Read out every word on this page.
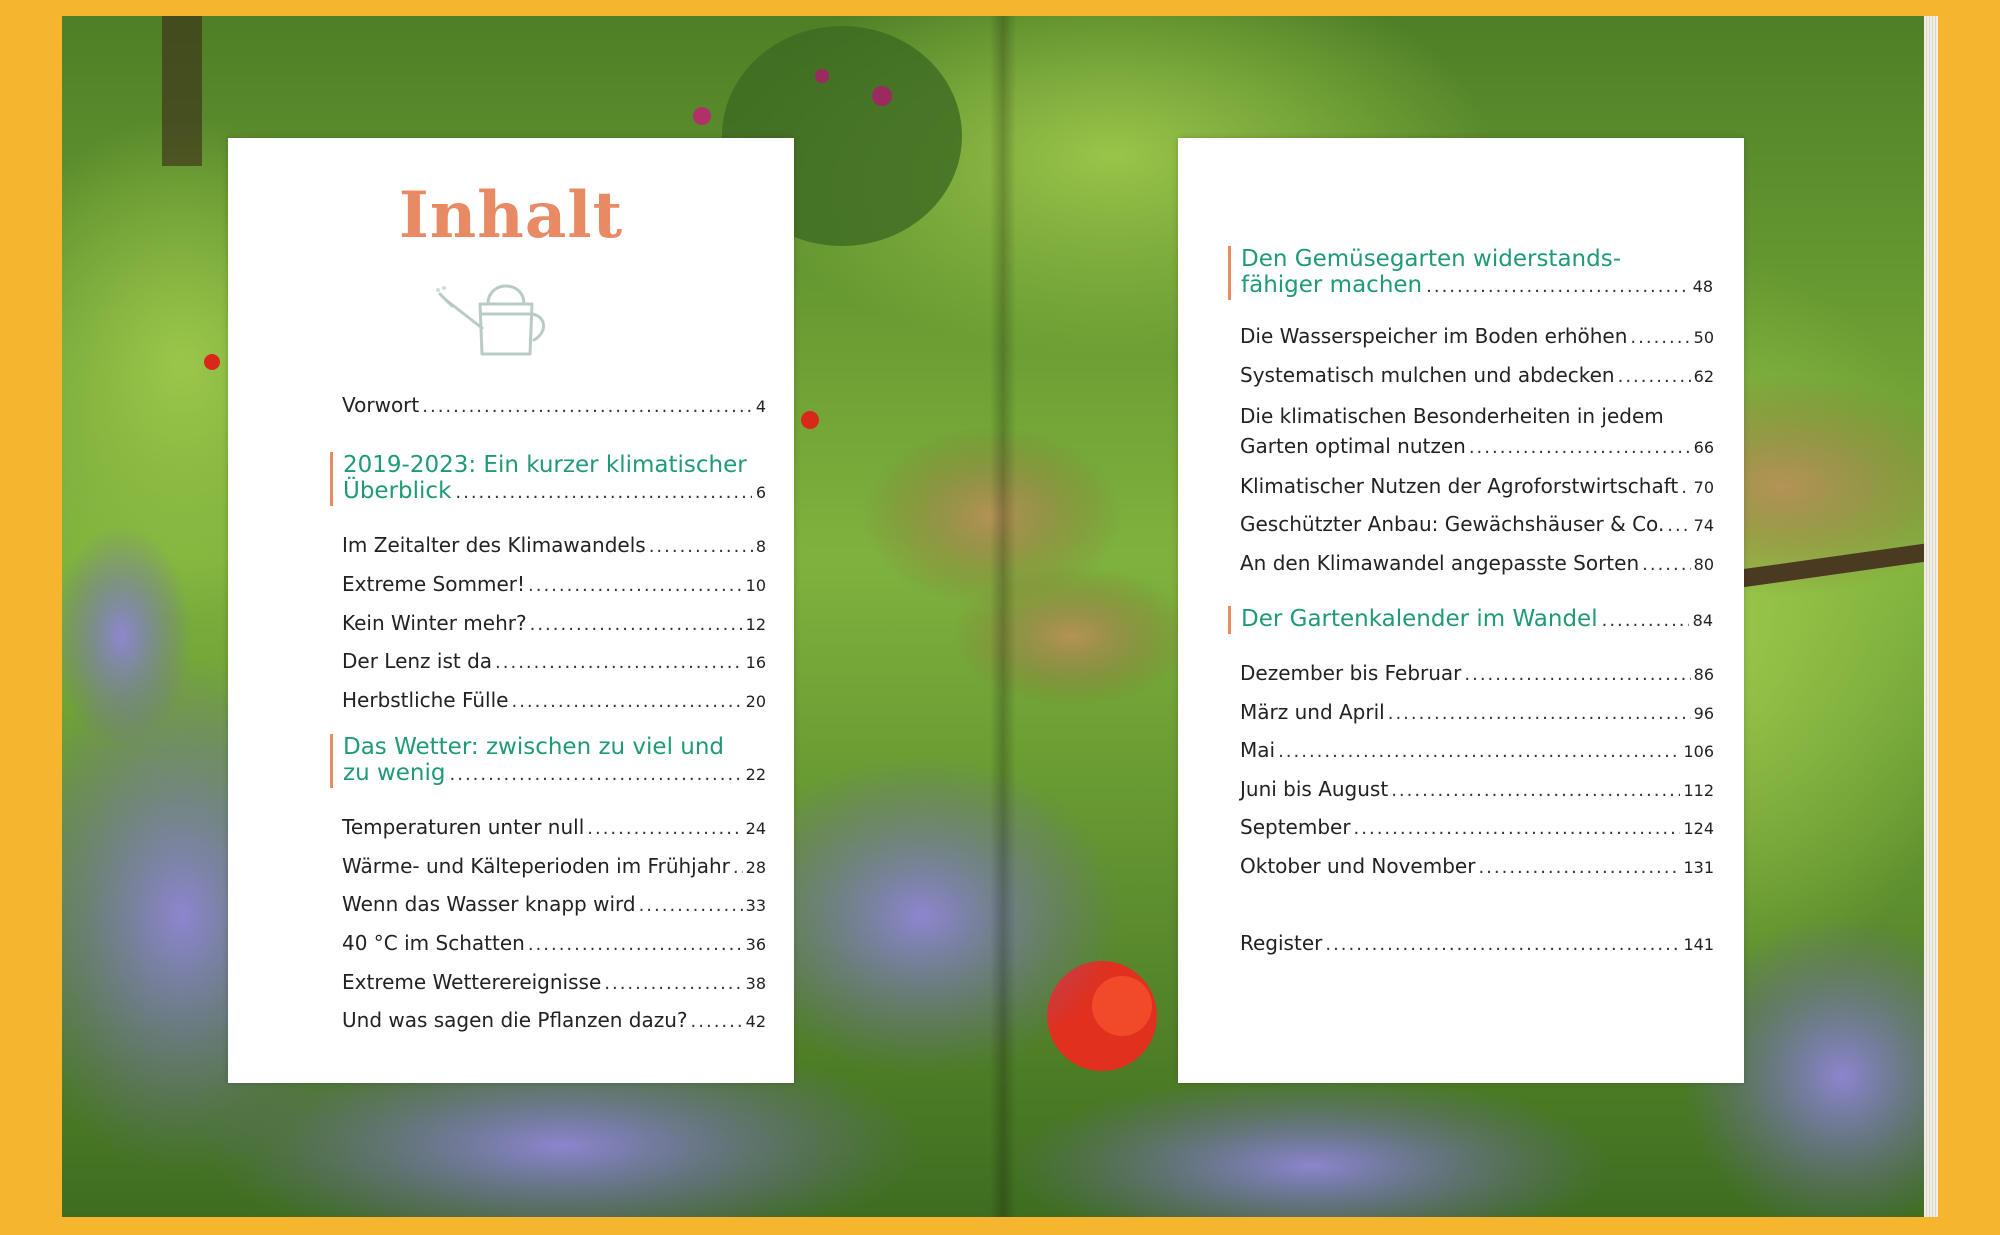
Inhalt
Vorwort .....	4
2019-2023: Ein kurzer klimatischer
Überblick .....	6
Im Zeitalter des Klimawandels .....	8
Extreme Sommer! .....	10
Kein Winter mehr? .....	12
Der Lenz ist da .....	16
Herbstliche Fülle .....	20
Das Wetter: zwischen zu viel und
zu wenig .....	22
Temperaturen unter null .....	24
Wärme- und Kälteperioden im Frühjahr ..... 28
Wenn das Wasser knapp wird .....	33
40 °C im Schatten .....	36
Extreme Wetterereignisse .....	38
Und was sagen die Pflanzen dazu? .....	42
Den Gemüsegarten widerstands-
fähiger machen .....	48
Die Wasserspeicher im Boden erhöhen .....	50
Systematisch mulchen und abdecken .....	62
Die klimatischen Besonderheiten in jedem
Garten optimal nutzen .....	66
Klimatischer Nutzen der Agroforstwirtschaft ..... 70
Geschützter Anbau: Gewächshäuser & Co. ..... 74
An den Klimawandel angepasste Sorten .....	80
Der Gartenkalender im Wandel .....	84
Dezember bis Februar .....	86
März und April .....	96
Mai .....	106
Juni bis August .....	112
September .....	124
Oktober und November .....	131
Register .....	141
